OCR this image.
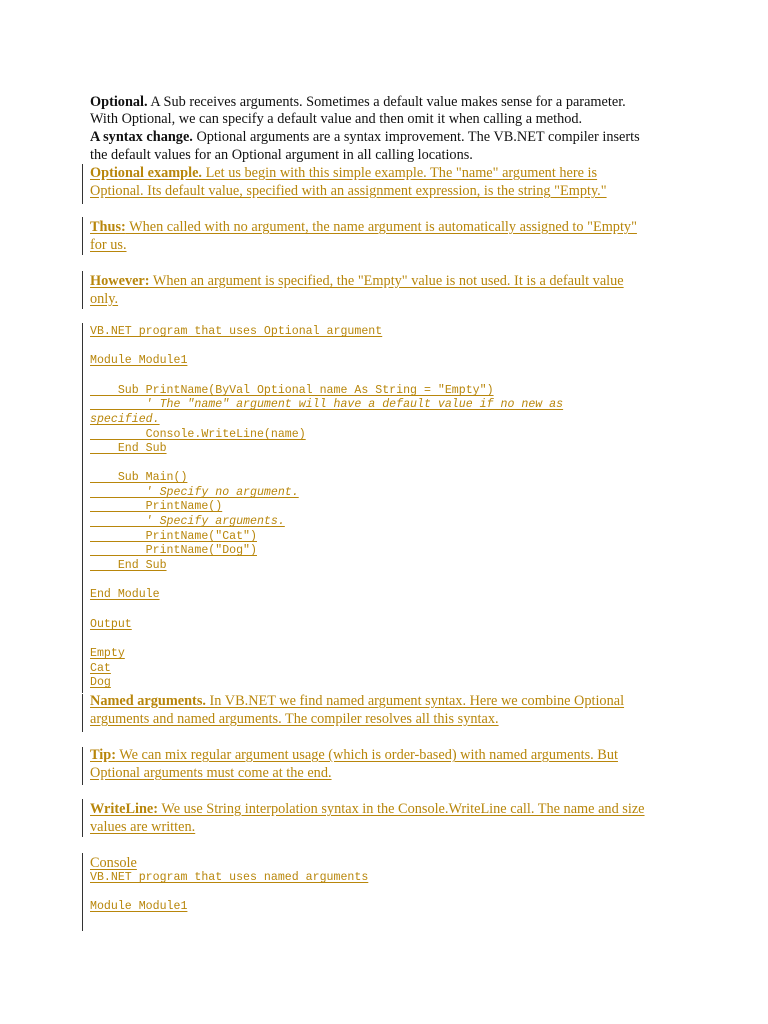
Optional. A Sub receives arguments. Sometimes a default value makes sense for a parameter.
With Optional, we can specify a default value and then omit it when calling a method.
A syntax change. Optional arguments are a syntax improvement. The VB.NET compiler inserts
the default values for an Optional argument in all calling locations.
Optional example. Let us begin with this simple example. The "name" argument here is
Optional. Its default value, specified with an assignment expression, is the string "Empty."
Thus: When called with no argument, the name argument is automatically assigned to "Empty"
for us.
However: When an argument is specified, the "Empty" value is not used. It is a default value
only.
VB.NET program that uses Optional argument
Module Module1
Sub PrintName(ByVal Optional name As String = "Empty")
' The "name" argument will have a default value if no new as
specified.
Console.WriteLine(name)
End Sub
Sub Main()
' Specify no argument.
PrintName()
' Specify arguments.
PrintName("Cat")
PrintName("Dog")
End Sub
End Module
Output
Empty
Cat
Dog
Named arguments. In VB.NET we find named argument syntax. Here we combine Optional
arguments and named arguments. The compiler resolves all this syntax.
Tip: We can mix regular argument usage (which is order-based) with named arguments. But
Optional arguments must come at the end.
WriteLine: We use String interpolation syntax in the Console.WriteLine call. The name and size
values are written.
Console
VB.NET program that uses named arguments
Module Module1
